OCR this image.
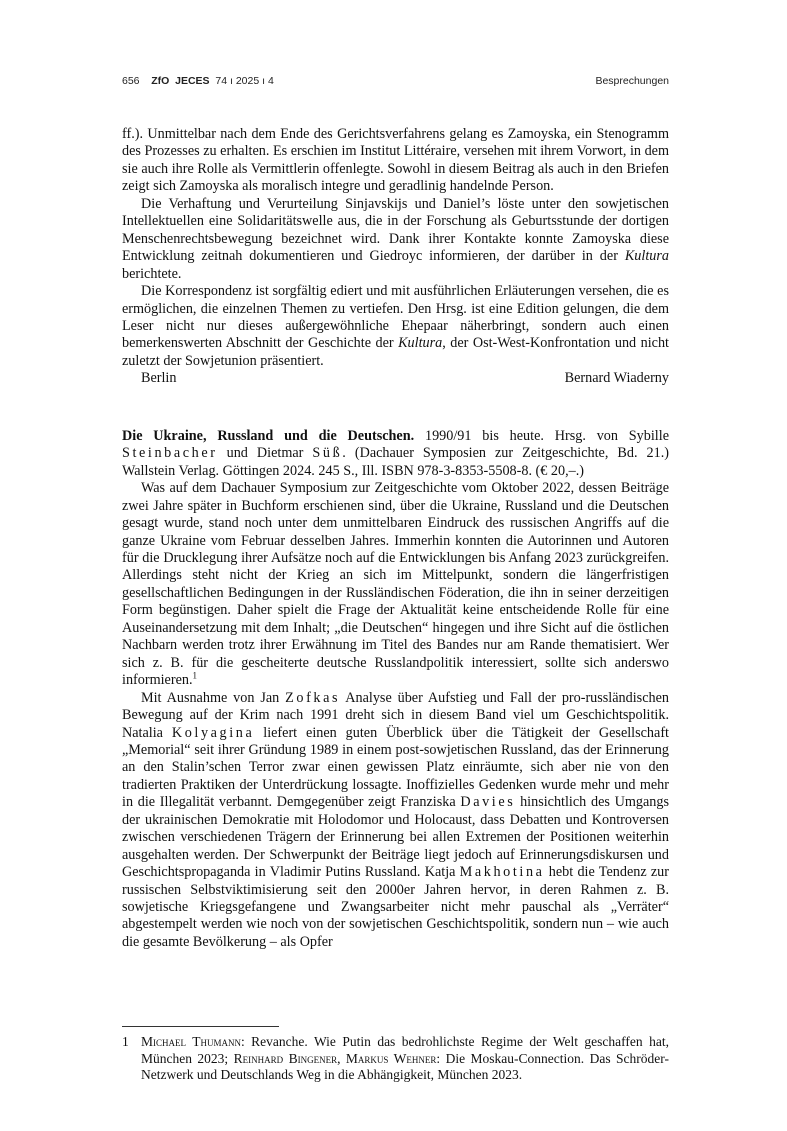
656 ZfO JECES 74 ı 2025 ı 4	Besprechungen

ff.). Unmittelbar nach dem Ende des Gerichtsverfahrens gelang es Zamoyska, ein Stenogramm des Prozesses zu erhalten. Es erschien im Institut Littéraire, versehen mit ihrem Vorwort, in dem sie auch ihre Rolle als Vermittlerin offenlegte. Sowohl in diesem Beitrag als auch in den Briefen zeigt sich Zamoyska als moralisch integre und geradlinig handelnde Person.

Die Verhaftung und Verurteilung Sinjavskijs und Daniel’s löste unter den sowjetischen Intellektuellen eine Solidaritätswelle aus, die in der Forschung als Geburtsstunde der dortigen Menschenrechtsbewegung bezeichnet wird. Dank ihrer Kontakte konnte Zamoyska diese Entwicklung zeitnah dokumentieren und Giedroyc informieren, der darüber in der Kultura berichtete.

Die Korrespondenz ist sorgfältig ediert und mit ausführlichen Erläuterungen versehen, die es ermöglichen, die einzelnen Themen zu vertiefen. Den Hrsg. ist eine Edition gelungen, die dem Leser nicht nur dieses außergewöhnliche Ehepaar näherbringt, sondern auch einen bemerkenswerten Abschnitt der Geschichte der Kultura, der Ost-West-Konfrontation und nicht zuletzt der Sowjetunion präsentiert.

Berlin	Bernard Wiaderny

Die Ukraine, Russland und die Deutschen. 1990/91 bis heute. Hrsg. von Sybille Steinbacher und Dietmar Süß. (Dachauer Symposien zur Zeitgeschichte, Bd. 21.) Wallstein Verlag. Göttingen 2024. 245 S., Ill. ISBN 978-3-8353-5508-8. (€ 20,–.)

Was auf dem Dachauer Symposium zur Zeitgeschichte vom Oktober 2022, dessen Beiträge zwei Jahre später in Buchform erschienen sind, über die Ukraine, Russland und die Deutschen gesagt wurde, stand noch unter dem unmittelbaren Eindruck des russischen Angriffs auf die ganze Ukraine vom Februar desselben Jahres. Immerhin konnten die Autorinnen und Autoren für die Drucklegung ihrer Aufsätze noch auf die Entwicklungen bis Anfang 2023 zurückgreifen. Allerdings steht nicht der Krieg an sich im Mittelpunkt, sondern die längerfristigen gesellschaftlichen Bedingungen in der Russländischen Föderation, die ihn in seiner derzeitigen Form begünstigen. Daher spielt die Frage der Aktualität keine entscheidende Rolle für eine Auseinandersetzung mit dem Inhalt; „die Deutschen“ hingegen und ihre Sicht auf die östlichen Nachbarn werden trotz ihrer Erwähnung im Titel des Bandes nur am Rande thematisiert. Wer sich z. B. für die gescheiterte deutsche Russlandpolitik interessiert, sollte sich anderswo informieren.$^1$

Mit Ausnahme von Jan Zofkas Analyse über Aufstieg und Fall der pro-russländischen Bewegung auf der Krim nach 1991 dreht sich in diesem Band viel um Geschichtspolitik. Natalia Kolyagina liefert einen guten Überblick über die Tätigkeit der Gesellschaft „Memorial“ seit ihrer Gründung 1989 in einem post-sowjetischen Russland, das der Erinnerung an den Stalin’schen Terror zwar einen gewissen Platz einräumte, sich aber nie von den tradierten Praktiken der Unterdrückung lossagte. Inoffizielles Gedenken wurde mehr und mehr in die Illegalität verbannt. Demgegenüber zeigt Franziska Davies hinsichtlich des Umgangs der ukrainischen Demokratie mit Holodomor und Holocaust, dass Debatten und Kontroversen zwischen verschiedenen Trägern der Erinnerung bei allen Extremen der Positionen weiterhin ausgehalten werden. Der Schwerpunkt der Beiträge liegt jedoch auf Erinnerungsdiskursen und Geschichtspropaganda in Vladimir Putins Russland. Katja Makhotina hebt die Tendenz zur russischen Selbstviktimisierung seit den 2000er Jahren hervor, in deren Rahmen z. B. sowjetische Kriegsgefangene und Zwangsarbeiter nicht mehr pauschal als „Verräter“ abgestempelt werden wie noch von der sowjetischen Geschichtspolitik, sondern nun – wie auch die gesamte Bevölkerung – als Opfer

1 Michael Thumann: Revanche. Wie Putin das bedrohlichste Regime der Welt geschaffen hat, München 2023; Reinhard Bingener, Markus Wehner: Die Moskau-Connection. Das Schröder-Netzwerk und Deutschlands Weg in die Abhängigkeit, München 2023.
